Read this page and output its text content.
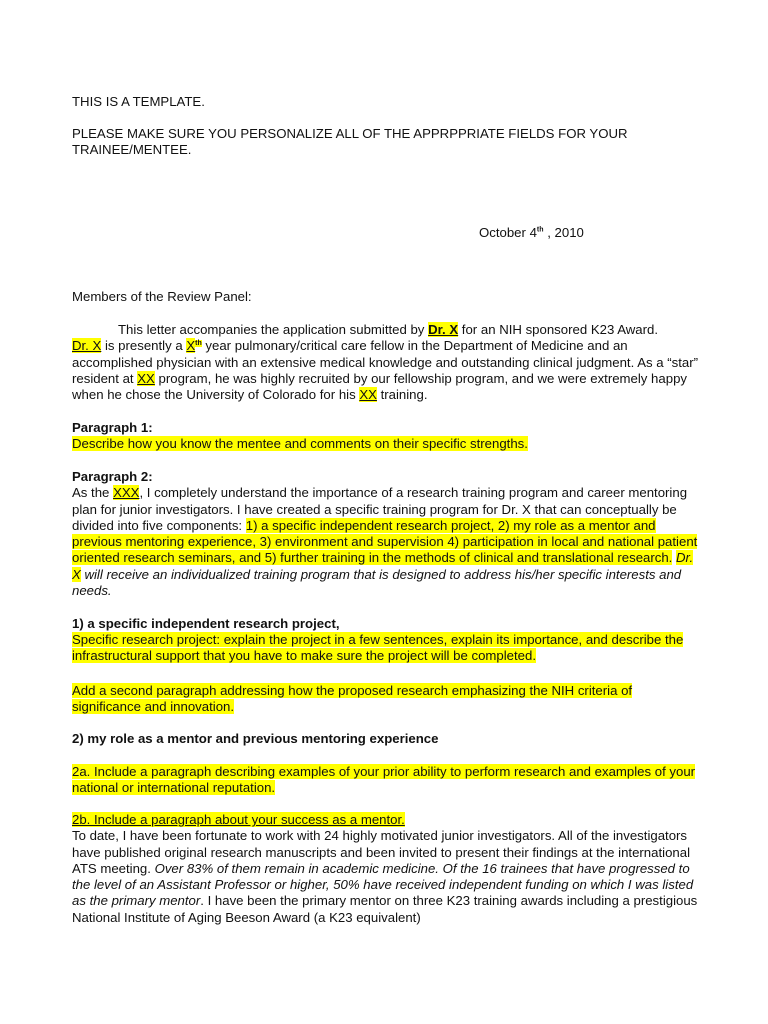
THIS IS A TEMPLATE.
PLEASE MAKE SURE YOU PERSONALIZE ALL OF THE APPRPPRIATE FIELDS FOR YOUR TRAINEE/MENTEE.
October 4th , 2010
Members of the Review Panel:
This letter accompanies the application submitted by Dr. X for an NIH sponsored K23 Award.
Dr. X is presently a Xth year pulmonary/critical care fellow in the Department of Medicine and an accomplished physician with an extensive medical knowledge and outstanding clinical judgment. As a “star” resident at XX program, he was highly recruited by our fellowship program, and we were extremely happy when he chose the University of Colorado for his XX training.
Paragraph 1:
Describe how you know the mentee and comments on their specific strengths.
Paragraph 2:
As the XXX, I completely understand the importance of a research training program and career mentoring plan for junior investigators. I have created a specific training program for Dr. X that can conceptually be divided into five components: 1) a specific independent research project, 2) my role as a mentor and previous mentoring experience, 3) environment and supervision 4) participation in local and national patient oriented research seminars, and 5) further training in the methods of clinical and translational research. Dr. X will receive an individualized training program that is designed to address his/her specific interests and needs.
1) a specific independent research project,
Specific research project: explain the project in a few sentences, explain its importance, and describe the infrastructural support that you have to make sure the project will be completed.
Add a second paragraph addressing how the proposed research emphasizing the NIH criteria of significance and innovation.
2) my role as a mentor and previous mentoring experience
2a. Include a paragraph describing examples of your prior ability to perform research and examples of your national or international reputation.
2b. Include a paragraph about your success as a mentor.
To date, I have been fortunate to work with 24 highly motivated junior investigators. All of the investigators have published original research manuscripts and been invited to present their findings at the international ATS meeting. Over 83% of them remain in academic medicine. Of the 16 trainees that have progressed to the level of an Assistant Professor or higher, 50% have received independent funding on which I was listed as the primary mentor. I have been the primary mentor on three K23 training awards including a prestigious National Institute of Aging Beeson Award (a K23 equivalent)
